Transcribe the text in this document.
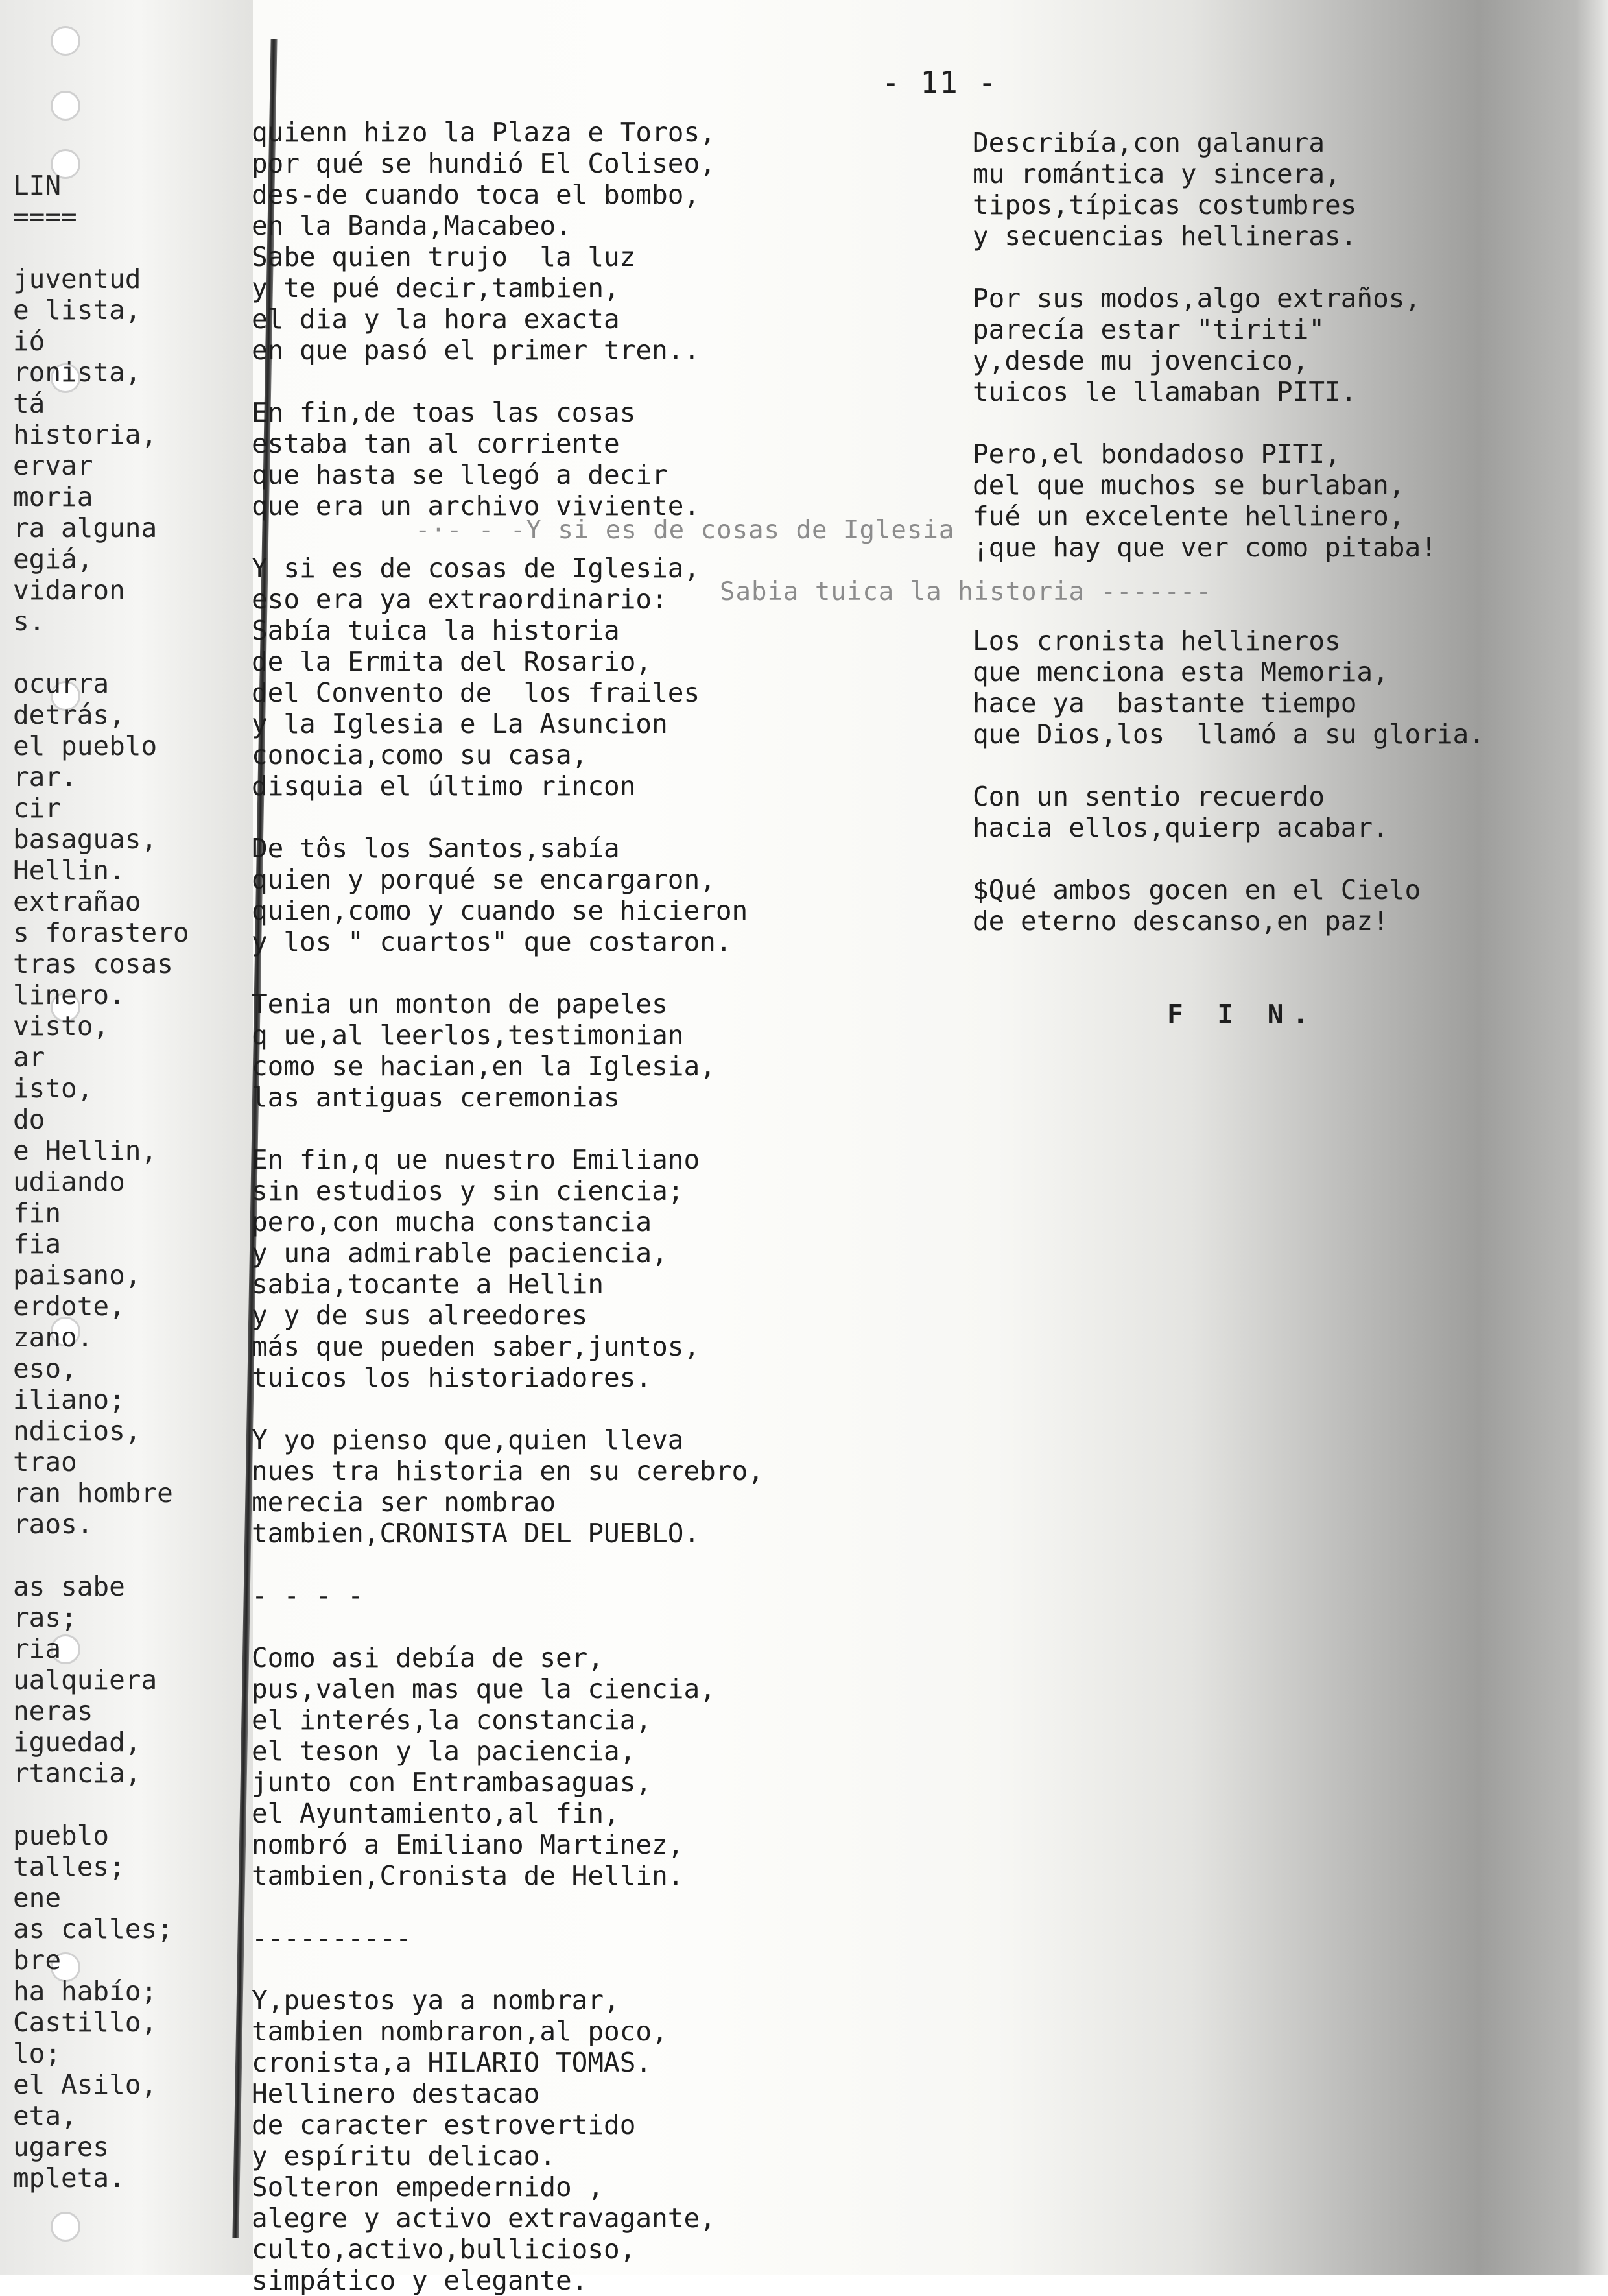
LIN
====
juventud
e lista,
ió
ronista,
tá
historia,
ervar
moria
ra alguna
egiá,
vidaron
s.
ocurra
detrás,
el pueblo
rar.
cir
basaguas,
Hellin.
extrañao
s forastero
tras cosas
linero.
visto,
ar
isto,
do
e Hellin,
udiando
fin
fia
paisano,
erdote,
zano.
eso,
iliano;
ndicios,
traо
ran hombre
raos.
as sabe
ras;
ria
ualquiera
neras
iguedad,
rtancia,
pueblo
talles;
ene
as calles;
bre
ha habío;
Castillo,
lo;
el Asilo,
eta,
ugares
mpleta.
- 11 -
quienn hizo la Plaza e Toros,
por qué se hundió El Coliseo,
des-de cuando toca el bombo,
en la Banda,Macabeo.
Sabe quien trujo  la luz
y te pué decir,tambien,
el dia y la hora exacta
en que pasó el primer tren..
En fin,de toas las cosas
estaba tan al corriente
que hasta se llegó a decir
que era un archivo viviente.
Y si es de cosas de Iglesia,
eso era ya extraordinario:
Sabía tuica la historia
de la Ermita del Rosario,
del Convento de  los frailes
y la Iglesia e La Asuncion
conocia,como su casa,
disquia el último rincon
De tôs los Santos,sabía
quien y porqué se encargaron,
quien,como y cuando se hicieron
y los " cuartos" que costaron.
Tenia un monton de papeles
q ue,al leerlos,testimonian
como se hacian,en la Iglesia,
las antiguas ceremonias
En fin,q ue nuestro Emiliano
sin estudios y sin ciencia;
pero,con mucha constancia
y una admirable paciencia,
sabia,tocante a Hellin
y y de sus alreedores
más que pueden saber,juntos,
tuicos los historiadores.
Y yo pienso que,quien lleva
nues tra historia en su cerebro,
merecia ser nombrao
tambien,CRONISTA DEL PUEBLO.
- - - -
Como asi debía de ser,
pus,valen mas que la ciencia,
el interés,la constancia,
el teson y la paciencia,
junto con Entrambasaguas,
el Ayuntamiento,al fin,
nombró a Emiliano Martinez,
tambien,Cronista de Hellin.
----------
Y,puestos ya a nombrar,
tambien nombraron,al poco,
cronista,a HILARIO TOMAS.
Hellinero destacao
de caracter estrovertido
y espíritu delicao.
Solteron empedernido ,
alegre y activo extravagante,
culto,activo,bullicioso,
simpático y elegante.
-·- - -Y si es de cosas de Iglesia
Sabia tuica la historia -------
Describía,con galanura
mu romántica y sincera,
tipos,típicas costumbres
y secuencias hellineras.
Por sus modos,algo extraños,
parecía estar "tiriti"
y,desde mu jovencico,
tuicos le llamaban PITI.
Pero,el bondadoso PITI,
del que muchos se burlaban,
fué un excelente hellinero,
¡que hay que ver como pitaba!
Los cronista hellineros
que menciona esta Memoria,
hace ya  bastante tiempo
que Dios,los  llamó a su gloria.
Con un sentio recuerdo
hacia ellos,quierp acabar.
$Qué ambos gocen en el Cielo
de eterno descanso,en paz!
F I N.
